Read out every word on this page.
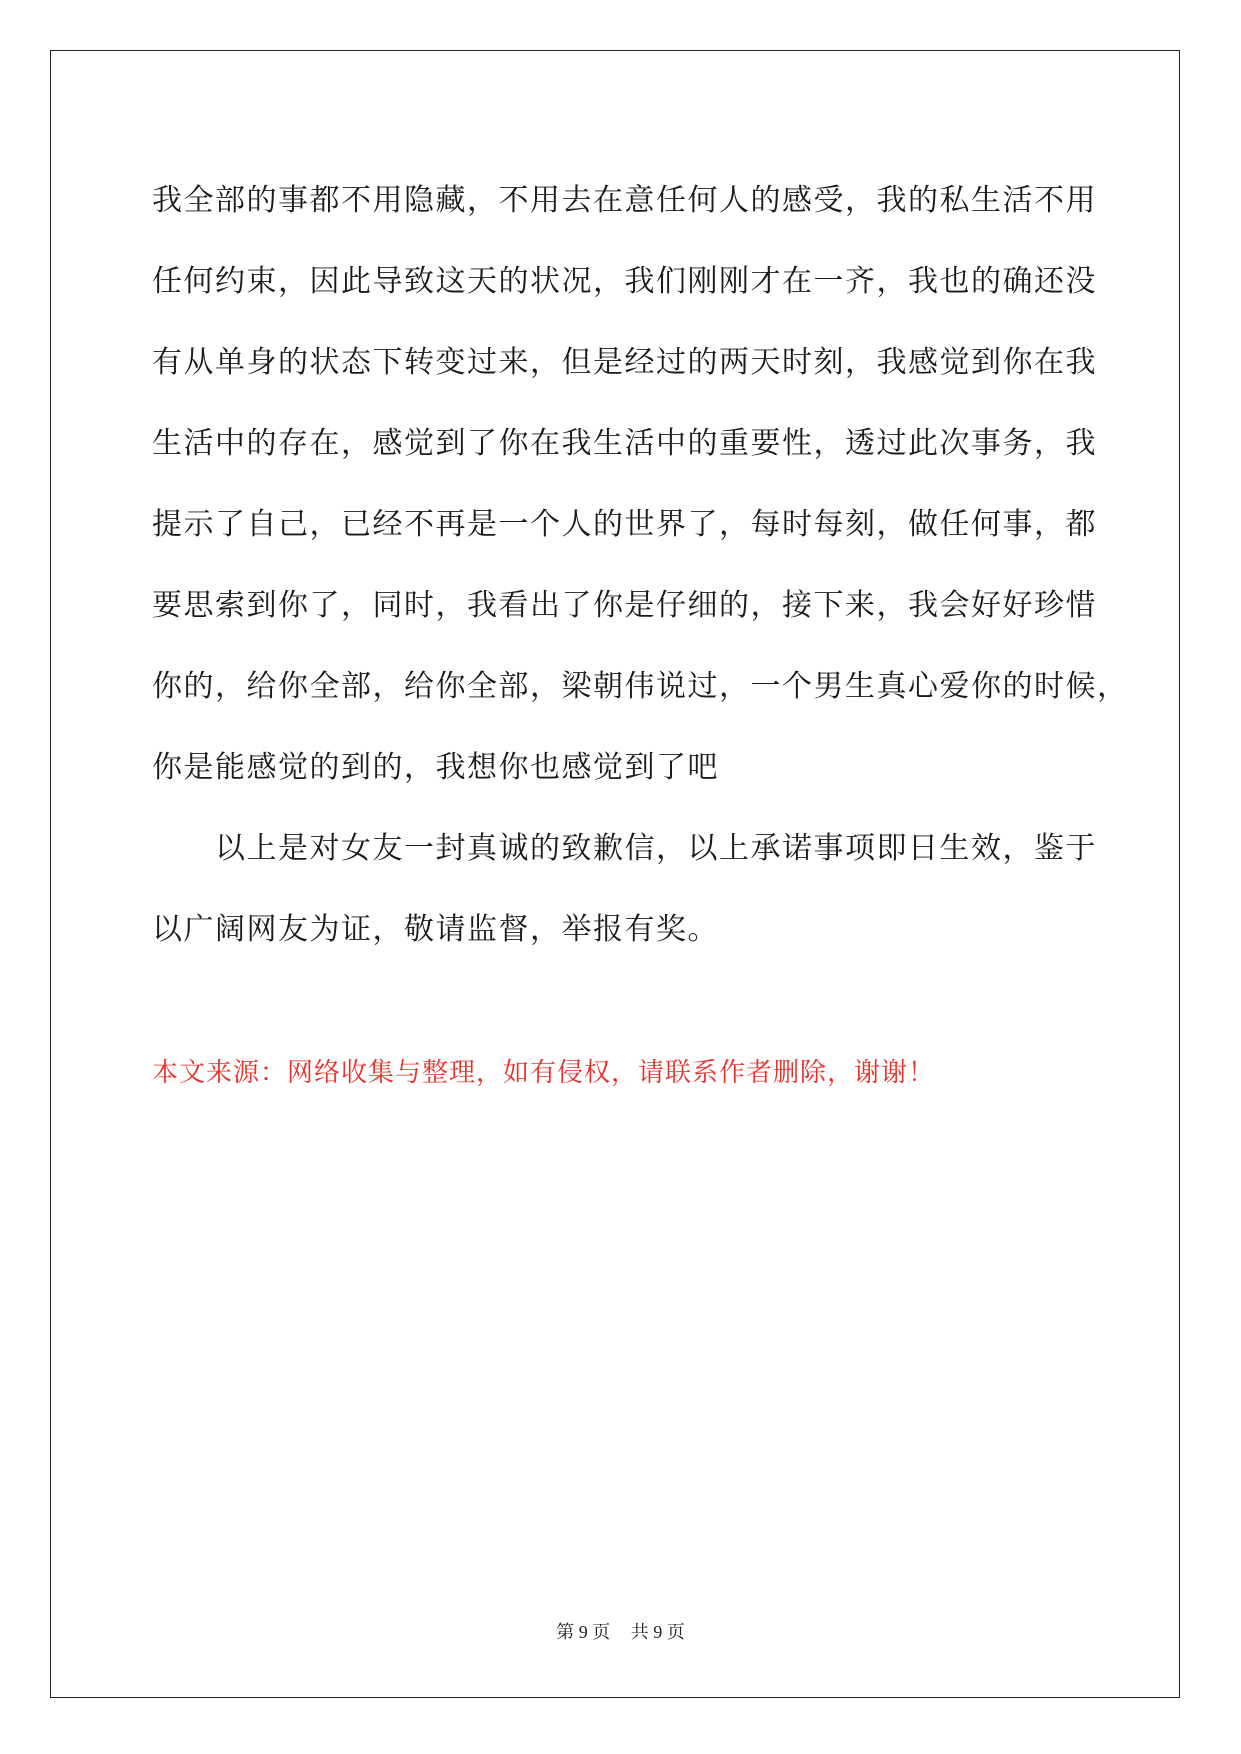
我全部的事都不用隐藏，不用去在意任何人的感受，我的私生活不用
任何约束，因此导致这天的状况，我们刚刚才在一齐，我也的确还没
有从单身的状态下转变过来，但是经过的两天时刻，我感觉到你在我
生活中的存在，感觉到了你在我生活中的重要性，透过此次事务，我
提示了自己，已经不再是一个人的世界了，每时每刻，做任何事，都
要思索到你了，同时，我看出了你是仔细的，接下来，我会好好珍惜
你的，给你全部，给你全部，梁朝伟说过，一个男生真心爱你的时候，
你是能感觉的到的，我想你也感觉到了吧
以上是对女友一封真诚的致歉信，以上承诺事项即日生效，鉴于
以广阔网友为证，敬请监督，举报有奖。
本文来源：网络收集与整理，如有侵权，请联系作者删除，谢谢！
第 9 页 共 9 页
